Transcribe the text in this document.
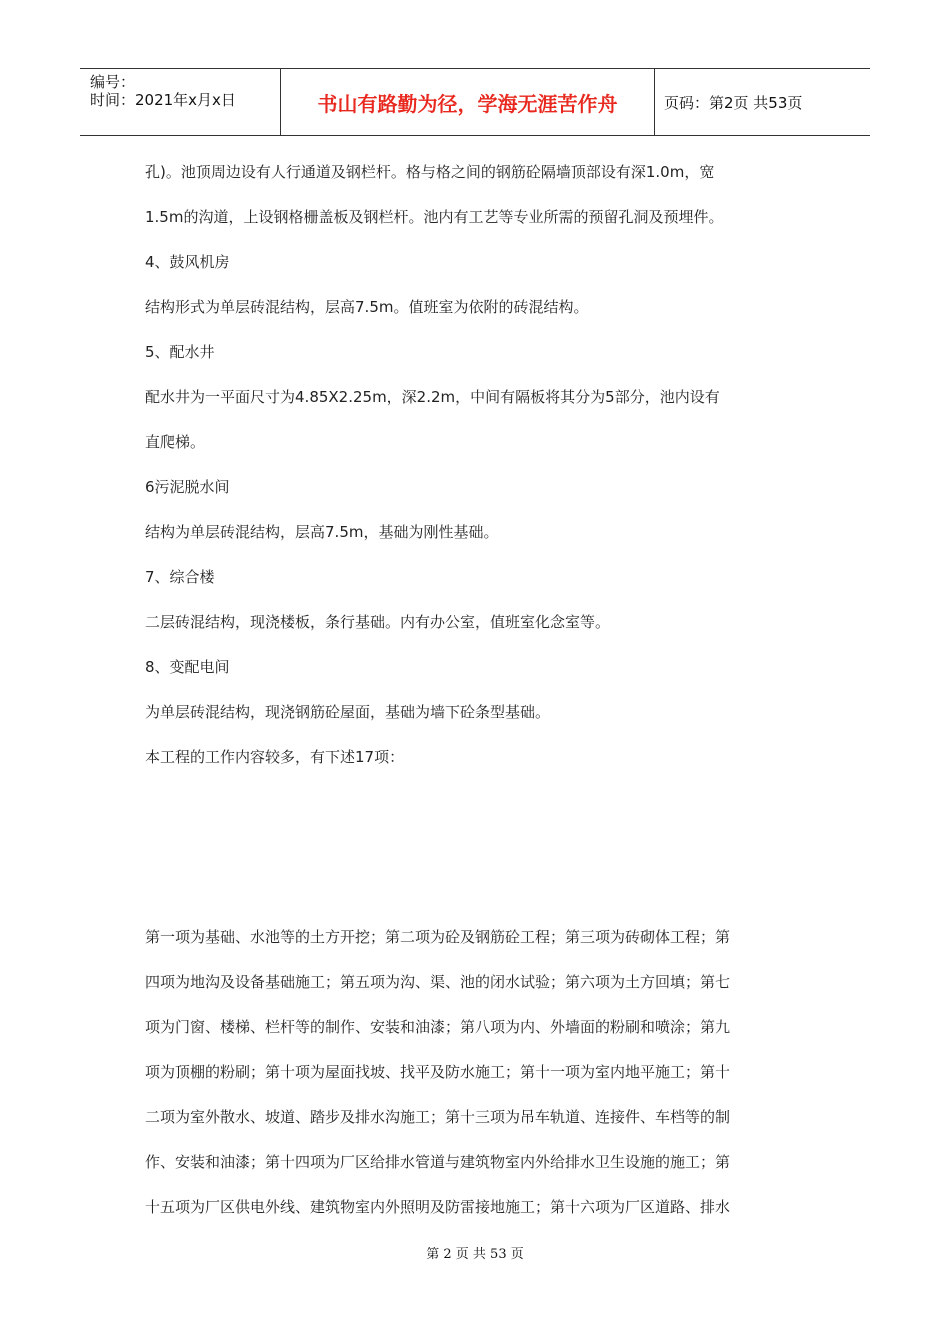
编号：
时间：2021年x月x日	书山有路勤为径，学海无涯苦作舟	页码：第2页 共53页
孔)。池顶周边设有人行通道及钢栏杆。格与格之间的钢筋砼隔墙顶部设有深1.0m，宽
1.5m的沟道，上设钢格栅盖板及钢栏杆。池内有工艺等专业所需的预留孔洞及预埋件。
4、鼓风机房
结构形式为单层砖混结构，层高7.5m。值班室为依附的砖混结构。
5、配水井
配水井为一平面尺寸为4.85X2.25m，深2.2m，中间有隔板将其分为5部分，池内设有
直爬梯。
6污泥脱水间
结构为单层砖混结构，层高7.5m，基础为刚性基础。
7、综合楼
二层砖混结构，现浇楼板，条行基础。内有办公室，值班室化念室等。
8、变配电间
为单层砖混结构，现浇钢筋砼屋面，基础为墙下砼条型基础。
本工程的工作内容较多，有下述17项：
第一项为基础、水池等的土方开挖；第二项为砼及钢筋砼工程；第三项为砖砌体工程；第
四项为地沟及设备基础施工；第五项为沟、渠、池的闭水试验；第六项为土方回填；第七
项为门窗、楼梯、栏杆等的制作、安装和油漆；第八项为内、外墙面的粉刷和喷涂；第九
项为顶棚的粉刷；第十项为屋面找坡、找平及防水施工；第十一项为室内地平施工；第十
二项为室外散水、坡道、踏步及排水沟施工；第十三项为吊车轨道、连接件、车档等的制
作、安装和油漆；第十四项为厂区给排水管道与建筑物室内外给排水卫生设施的施工；第
十五项为厂区供电外线、建筑物室内外照明及防雷接地施工；第十六项为厂区道路、排水
第 2 页 共 53 页
